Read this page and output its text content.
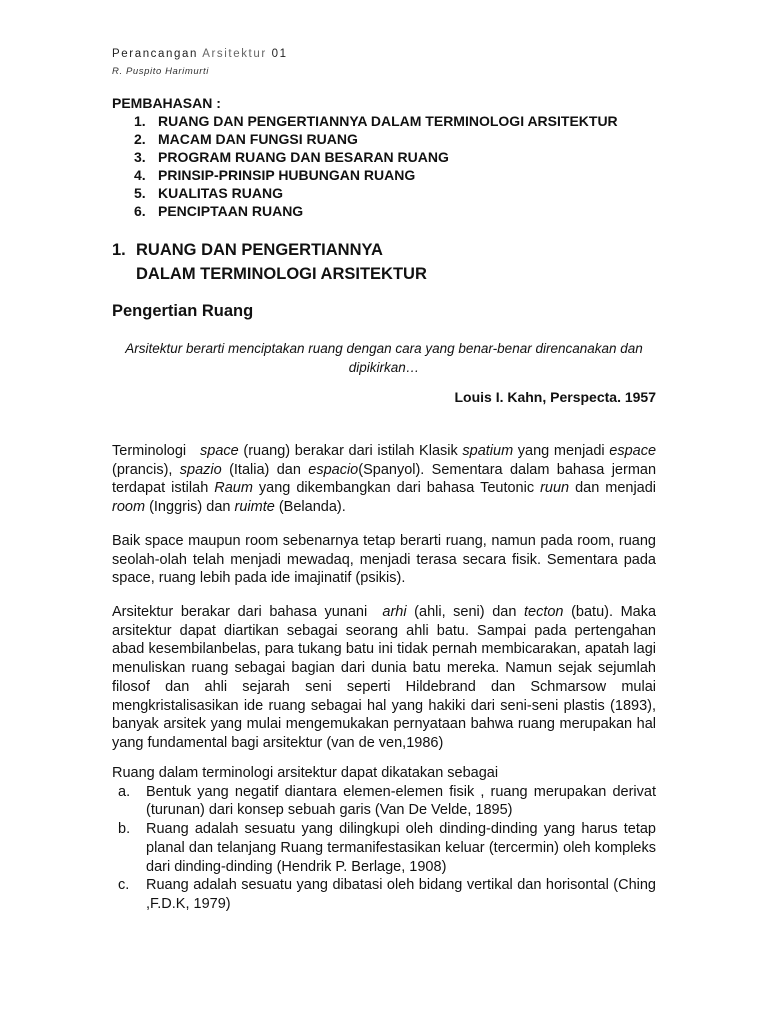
Perancangan Arsitektur 01
R. Puspito Harimurti
PEMBAHASAN :
1. RUANG DAN PENGERTIANNYA DALAM TERMINOLOGI ARSITEKTUR
2. MACAM DAN FUNGSI RUANG
3. PROGRAM RUANG DAN BESARAN RUANG
4. PRINSIP-PRINSIP HUBUNGAN RUANG
5. KUALITAS RUANG
6. PENCIPTAAN RUANG
1. RUANG DAN PENGERTIANNYA
DALAM TERMINOLOGI ARSITEKTUR
Pengertian Ruang
Arsitektur berarti menciptakan ruang dengan cara yang benar-benar direncanakan dan dipikirkan…
Louis I. Kahn, Perspecta. 1957

Terminologi space (ruang) berakar dari istilah Klasik spatium yang menjadi espace (prancis), spazio (Italia) dan espacio(Spanyol). Sementara dalam bahasa jerman terdapat istilah Raum yang dikembangkan dari bahasa Teutonic ruun dan menjadi room (Inggris) dan ruimte (Belanda).

Baik space maupun room sebenarnya tetap berarti ruang, namun pada room, ruang seolah-olah telah menjadi mewadaq, menjadi terasa secara fisik. Sementara pada space, ruang lebih pada ide imajinatif (psikis).

Arsitektur berakar dari bahasa yunani arhi (ahli, seni) dan tecton (batu). Maka arsitektur dapat diartikan sebagai seorang ahli batu. Sampai pada pertengahan abad kesembilanbelas, para tukang batu ini tidak pernah membicarakan, apatah lagi menuliskan ruang sebagai bagian dari dunia batu mereka. Namun sejak sejumlah filosof dan ahli sejarah seni seperti Hildebrand dan Schmarsow mulai mengkristalisasikan ide ruang sebagai hal yang hakiki dari seni-seni plastis (1893), banyak arsitek yang mulai mengemukakan pernyataan bahwa ruang merupakan hal yang fundamental bagi arsitektur (van de ven,1986)

Ruang dalam terminologi arsitektur dapat dikatakan sebagai

a. Bentuk yang negatif diantara elemen-elemen fisik , ruang merupakan derivat (turunan) dari konsep sebuah garis (Van De Velde, 1895)
b. Ruang adalah sesuatu yang dilingkupi oleh dinding-dinding yang harus tetap planal dan telanjang Ruang termanifestasikan keluar (tercermin) oleh kompleks dari dinding-dinding (Hendrik P. Berlage, 1908)
c. Ruang adalah sesuatu yang dibatasi oleh bidang vertikal dan horisontal (Ching ,F.D.K, 1979)
